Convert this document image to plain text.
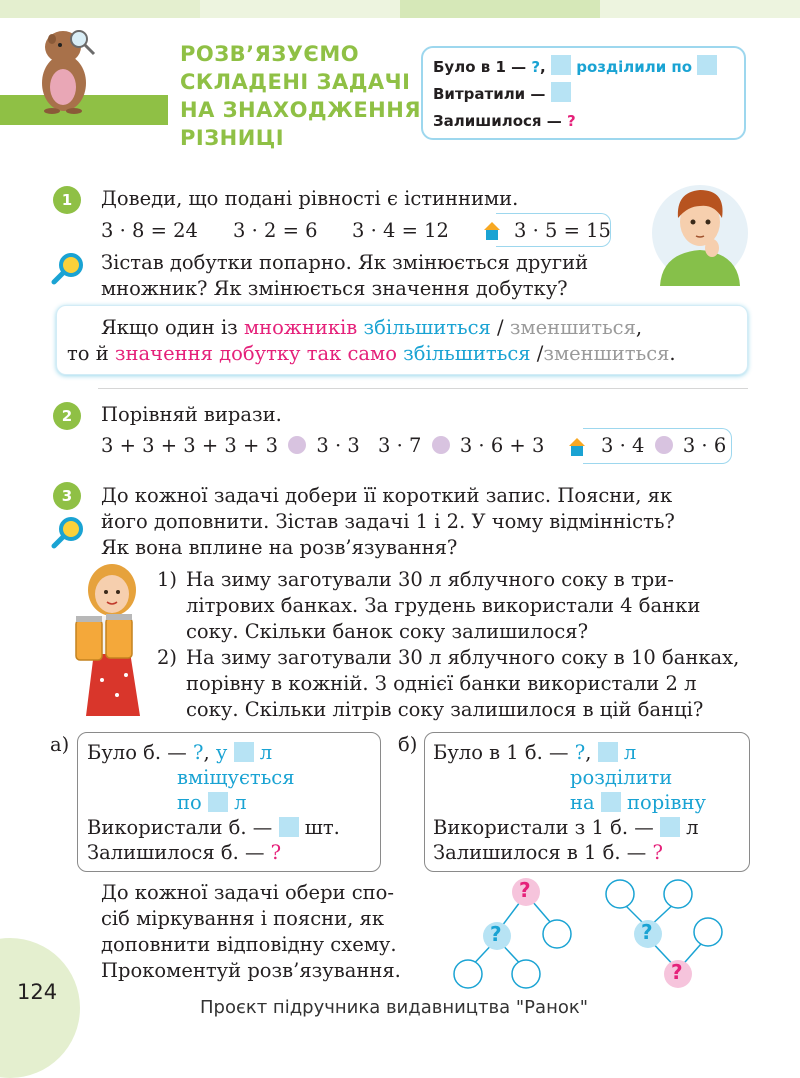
РОЗВ’ЯЗУЄМО
СКЛАДЕНІ ЗАДАЧІ
НА ЗНАХОДЖЕННЯ
РІЗНИЦІ
Було в 1 — ?, розділили по
Витратили —
Залишилося — ?
1	Доведи, що подані рівності є істинними.
3 · 8 = 24 3 · 2 = 6 3 · 4 = 12	3 · 5 = 15
Зістав добутки попарно. Як змінюється другий
множник? Як змінюється значення добутку?
Якщо один із множників збільшиться / зменшиться,
то й значення добутку так само збільшиться /зменшиться.
2	Порівняй вирази.
3 + 3 + 3 + 3 + 3 3 · 3 3 · 7 3 · 6 + 3	3 · 4 3 · 6
3	До кожної задачі добери її короткий запис. Поясни, як
його доповнити. Зістав задачі 1 і 2. У чому відмінність?
Як вона вплине на розв’язування?
1) На зиму заготували 30 л яблучного соку в три-
літрових банках. За грудень використали 4 банки
соку. Скільки банок соку залишилося?
2) На зиму заготували 30 л яблучного соку в 10 банках,
порівну в кожній. З однієї банки використали 2 л
соку. Скільки літрів соку залишилося в цій банці?
а) Було б. — ?, у л
вміщується
по л
Використали б. —  шт.
Залишилося б. — ?
б) Було в 1 б. — ?,  л
розділити
на порівну
Використали з 1 б. —  л
Залишилося в 1 б. — ?
До кожної задачі обери спо-
сіб міркування і поясни, як
доповнити відповідну схему.
Прокоментуй розв’язування.
?
?	?
?
124
Проєкт підручника видавництва "Ранок"
